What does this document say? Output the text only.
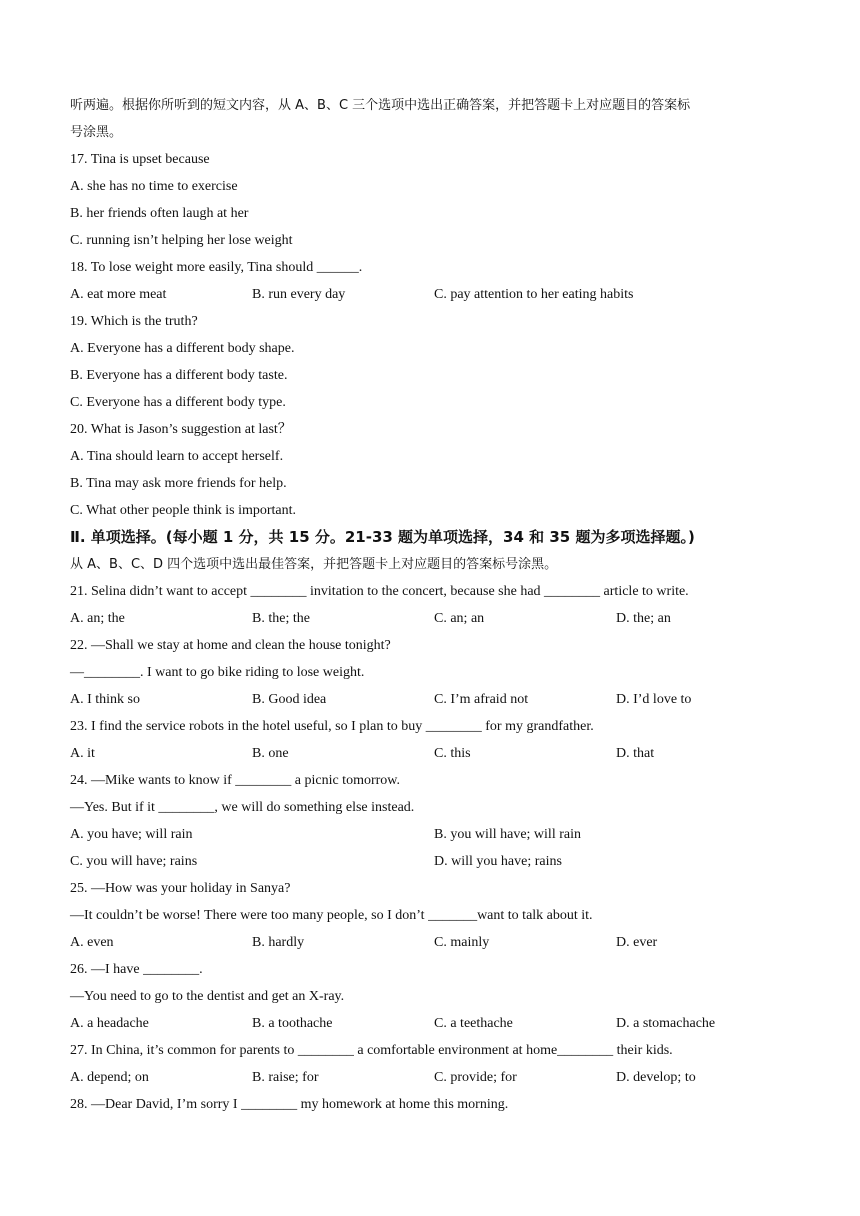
听两遍。根据你所听到的短文内容，从 A、B、C 三个选项中选出正确答案，并把答题卡上对应题目的答案标
号涂黑。
17. Tina is upset because
A. she has no time to exercise
B. her friends often laugh at her
C. running isn’t helping her lose weight
18. To lose weight more easily, Tina should ______.
A. eat more meat	B. run every day	C. pay attention to her eating habits
19. Which is the truth?
A. Everyone has a different body shape.
B. Everyone has a different body taste.
C. Everyone has a different body type.
20. What is Jason’s suggestion at last？
A. Tina should learn to accept herself.
B. Tina may ask more friends for help.
C. What other people think is important.
Ⅱ. 单项选择。(每小题 1 分，共 15 分。21-33 题为单项选择，34 和 35 题为多项选择题。)
从 A、B、C、D 四个选项中选出最佳答案，并把答题卡上对应题目的答案标号涂黑。
21. Selina didn’t want to accept ________ invitation to the concert, because she had ________ article to write.
A. an; the	B. the; the	C. an; an	D. the; an
22. —Shall we stay at home and clean the house tonight?
—________. I want to go bike riding to lose weight.
A. I think so	B. Good idea	C. I’m afraid not	D. I’d love to
23. I find the service robots in the hotel useful, so I plan to buy ________ for my grandfather.
A. it	B. one	C. this	D. that
24. —Mike wants to know if ________ a picnic tomorrow.
—Yes. But if it ________, we will do something else instead.
A. you have; will rain	B. you will have; will rain
C. you will have; rains	D. will you have; rains
25. —How was your holiday in Sanya?
—It couldn’t be worse! There were too many people, so I don’t _______want to talk about it.
A. even	B. hardly	C. mainly	D. ever
26. —I have ________.
—You need to go to the dentist and get an X-ray.
A. a headache	B. a toothache	C. a teethache	D. a stomachache
27. In China, it’s common for parents to ________ a comfortable environment at home________ their kids.
A. depend; on	B. raise; for	C. provide; for	D. develop; to
28. —Dear David, I’m sorry I ________ my homework at home this morning.
